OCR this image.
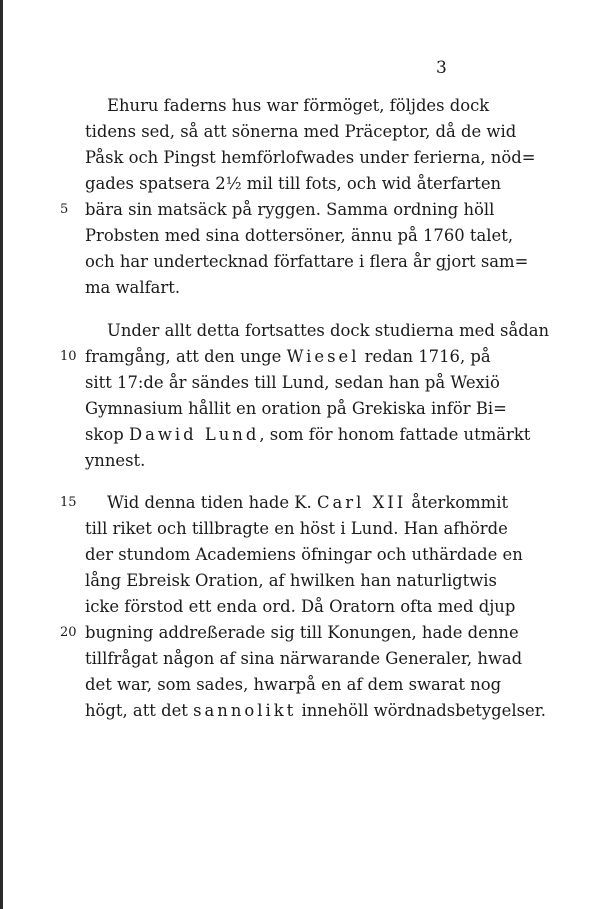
3
Ehuru faderns hus war förmöget, följdes dock
tidens sed, så att sönerna med Präceptor, då de wid
Påsk och Pingst hemförlofwades under ferierna, nöd=
gades spatsera 2½ mil till fots, och wid återfarten
5 bära sin matsäck på ryggen. Samma ordning höll
Probsten med sina dottersöner, ännu på 1760 talet,
och har undertecknad författare i flera år gjort sam=
ma walfart.
Under allt detta fortsattes dock studierna med sådan
10 framgång, att den unge Wiesel redan 1716, på
sitt 17:de år sändes till Lund, sedan han på Wexiö
Gymnasium hållit en oration på Grekiska inför Bi=
skop Dawid Lund, som för honom fattade utmärkt
ynnest.
15	Wid denna tiden hade K. Carl XII återkommit
till riket och tillbragte en höst i Lund. Han afhörde
der stundom Academiens öfningar och uthärdade en
lång Ebreisk Oration, af hwilken han naturligtwis
icke förstod ett enda ord. Då Oratorn ofta med djup
20 bugning addreßerade sig till Konungen, hade denne
tillfrågat någon af sina närwarande Generaler, hwad
det war, som sades, hwarpå en af dem swarat nog
högt, att det sannolikt innehöll wördnadsbetygelser.
